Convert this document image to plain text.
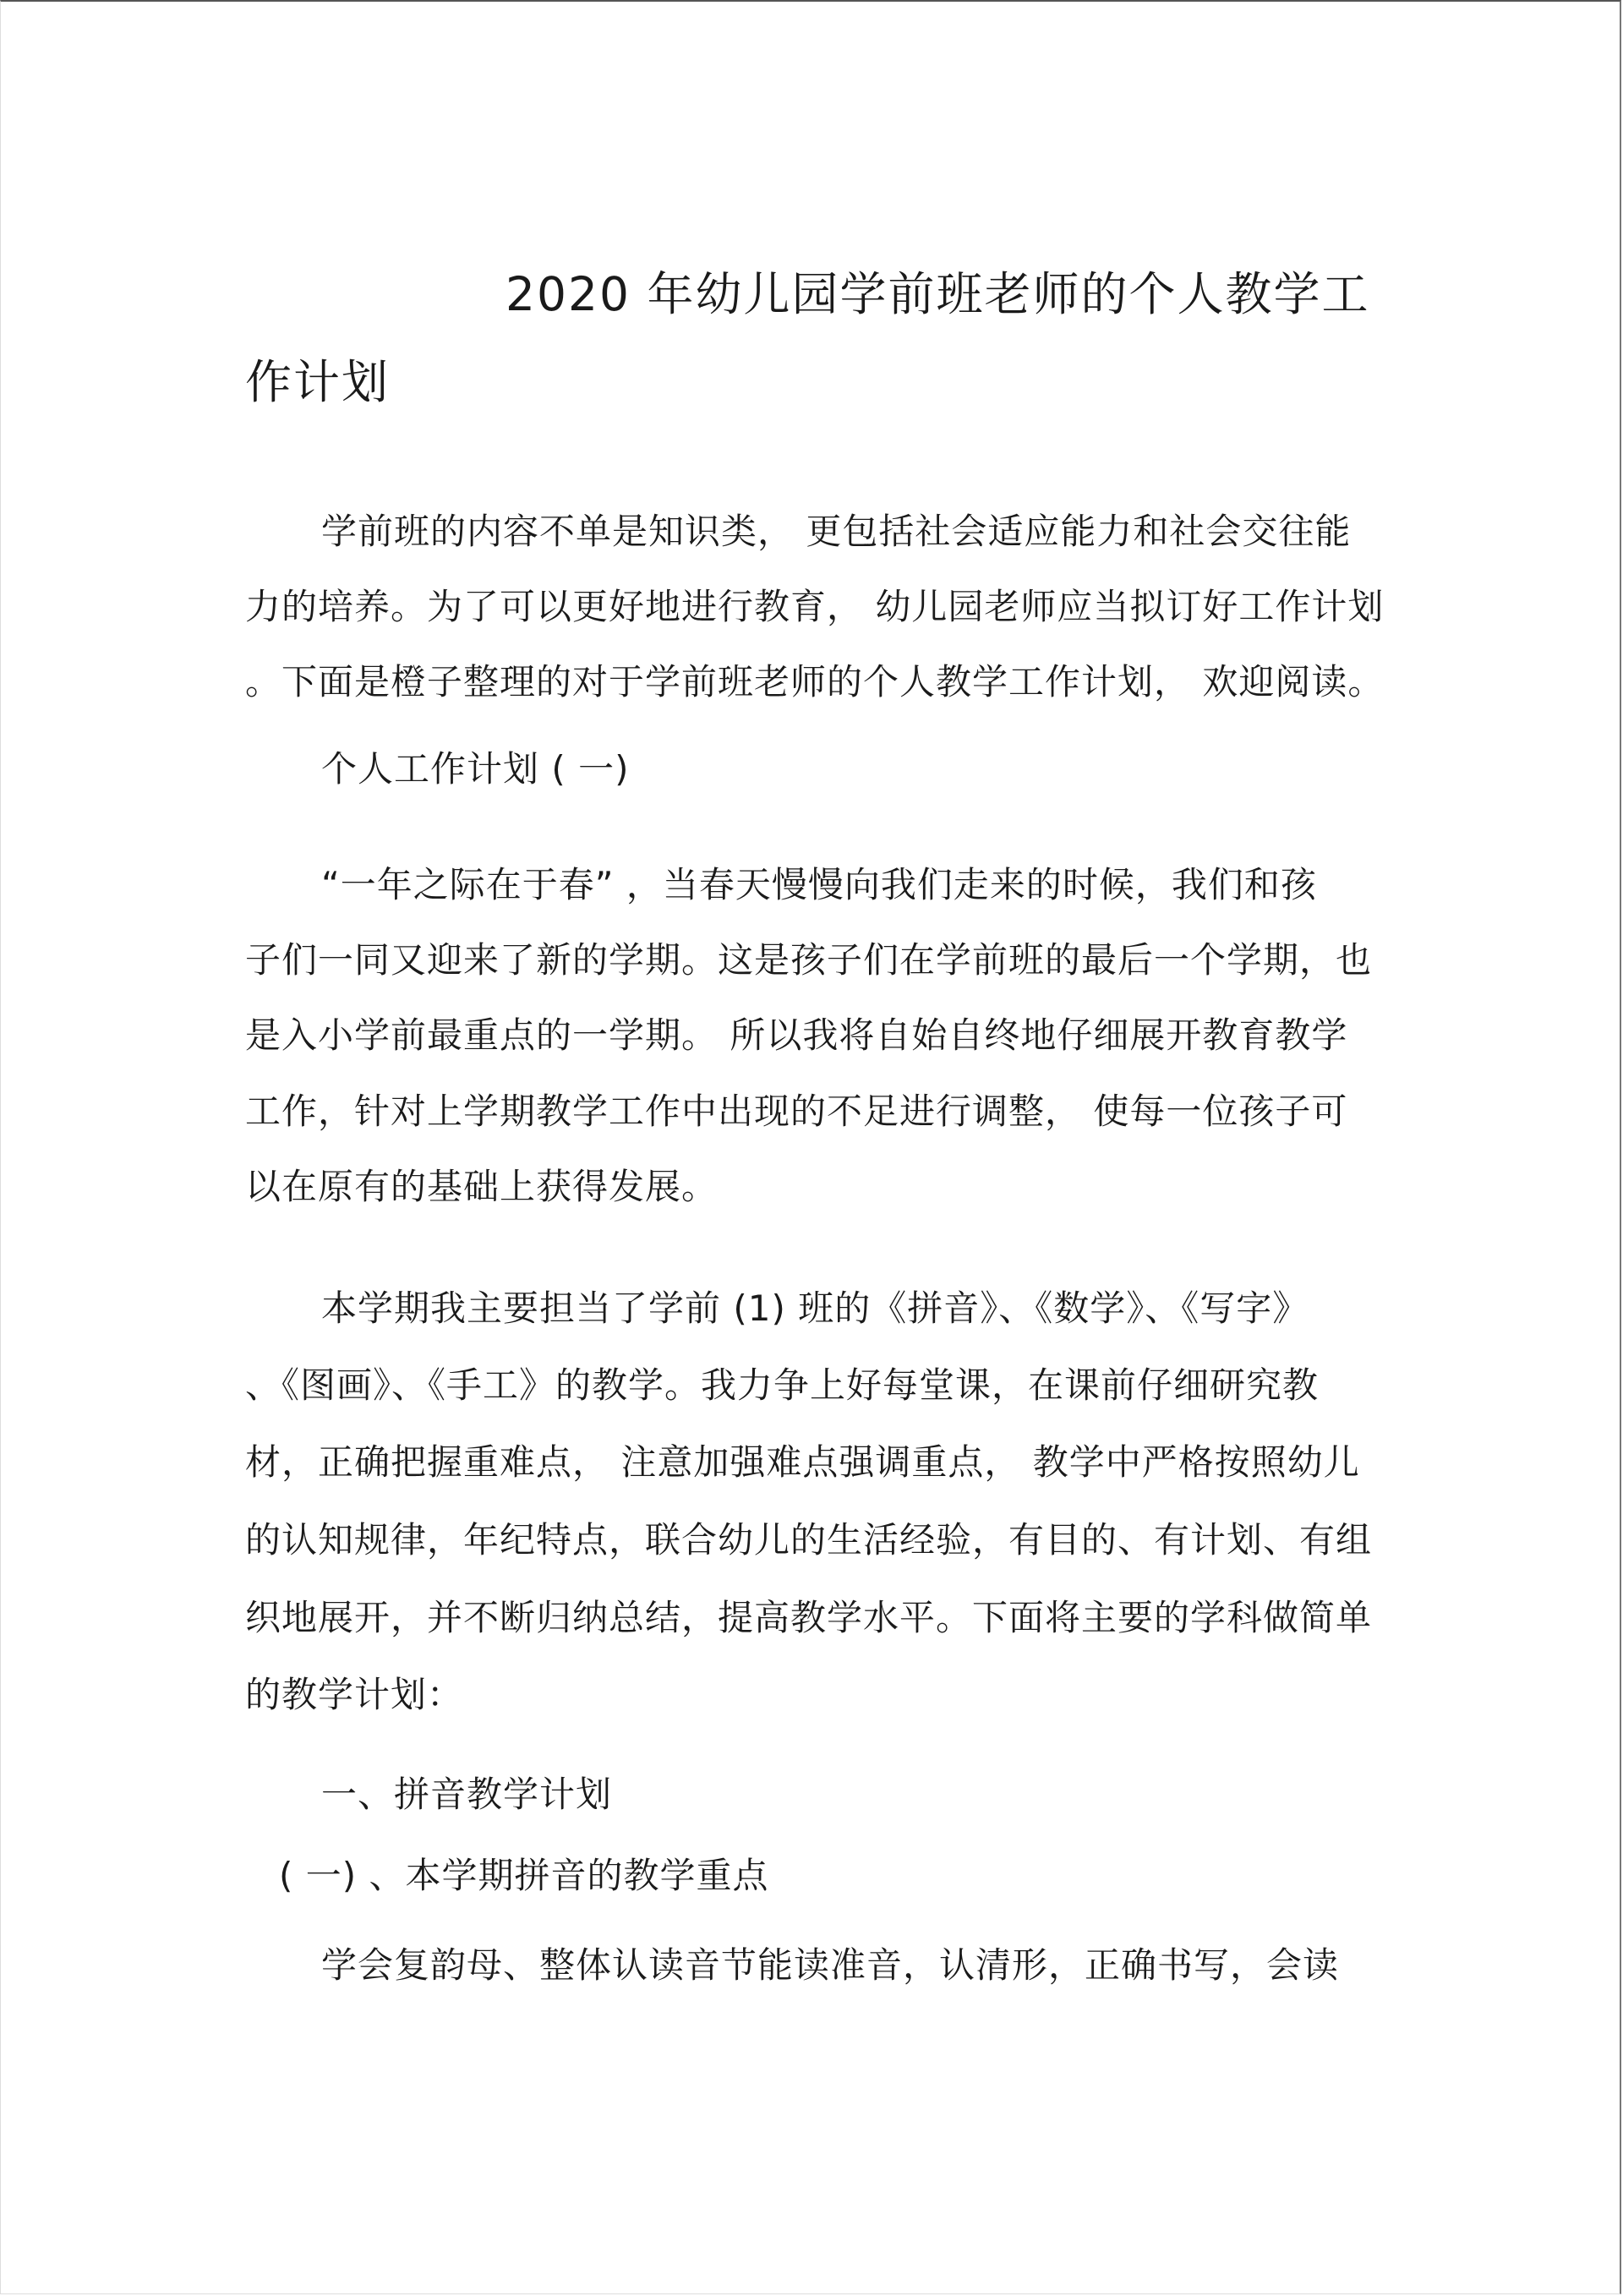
2020 年幼儿园学前班老师的个人教学工

作计划

学前班的内容不单是知识类， 更包括社会适应能力和社会交往能

力的培养。为了可以更好地进行教育， 幼儿园老师应当拟订好工作计划

。下面是橙子整理的对于学前班老师的个人教学工作计划， 欢迎阅读。

个人工作计划 ( 一)

“一年之际在于春” ，当春天慢慢向我们走来的时候，我们和孩

子们一同又迎来了新的学期。这是孩子们在学前班的最后一个学期，也

是入小学前最重点的一学期。 所以我将自始自终地仔细展开教育教学

工作，针对上学期教学工作中出现的不足进行调整， 使每一位孩子可

以在原有的基础上获得发展。

本学期我主要担当了学前 (1) 班的《拼音》、《数学》、《写字》

、《图画》、《手工》的教学。我力争上好每堂课，在课前仔细研究教

材，正确把握重难点， 注意加强难点强调重点， 教学中严格按照幼儿

的认知规律，年纪特点，联合幼儿的生活经验，有目的、有计划、有组

织地展开，并不断归纳总结，提高教学水平。下面将主要的学科做简单

的教学计划：

一、拼音教学计划

( 一) 、本学期拼音的教学重点

学会复韵母、整体认读音节能读准音，认清形，正确书写，会读
